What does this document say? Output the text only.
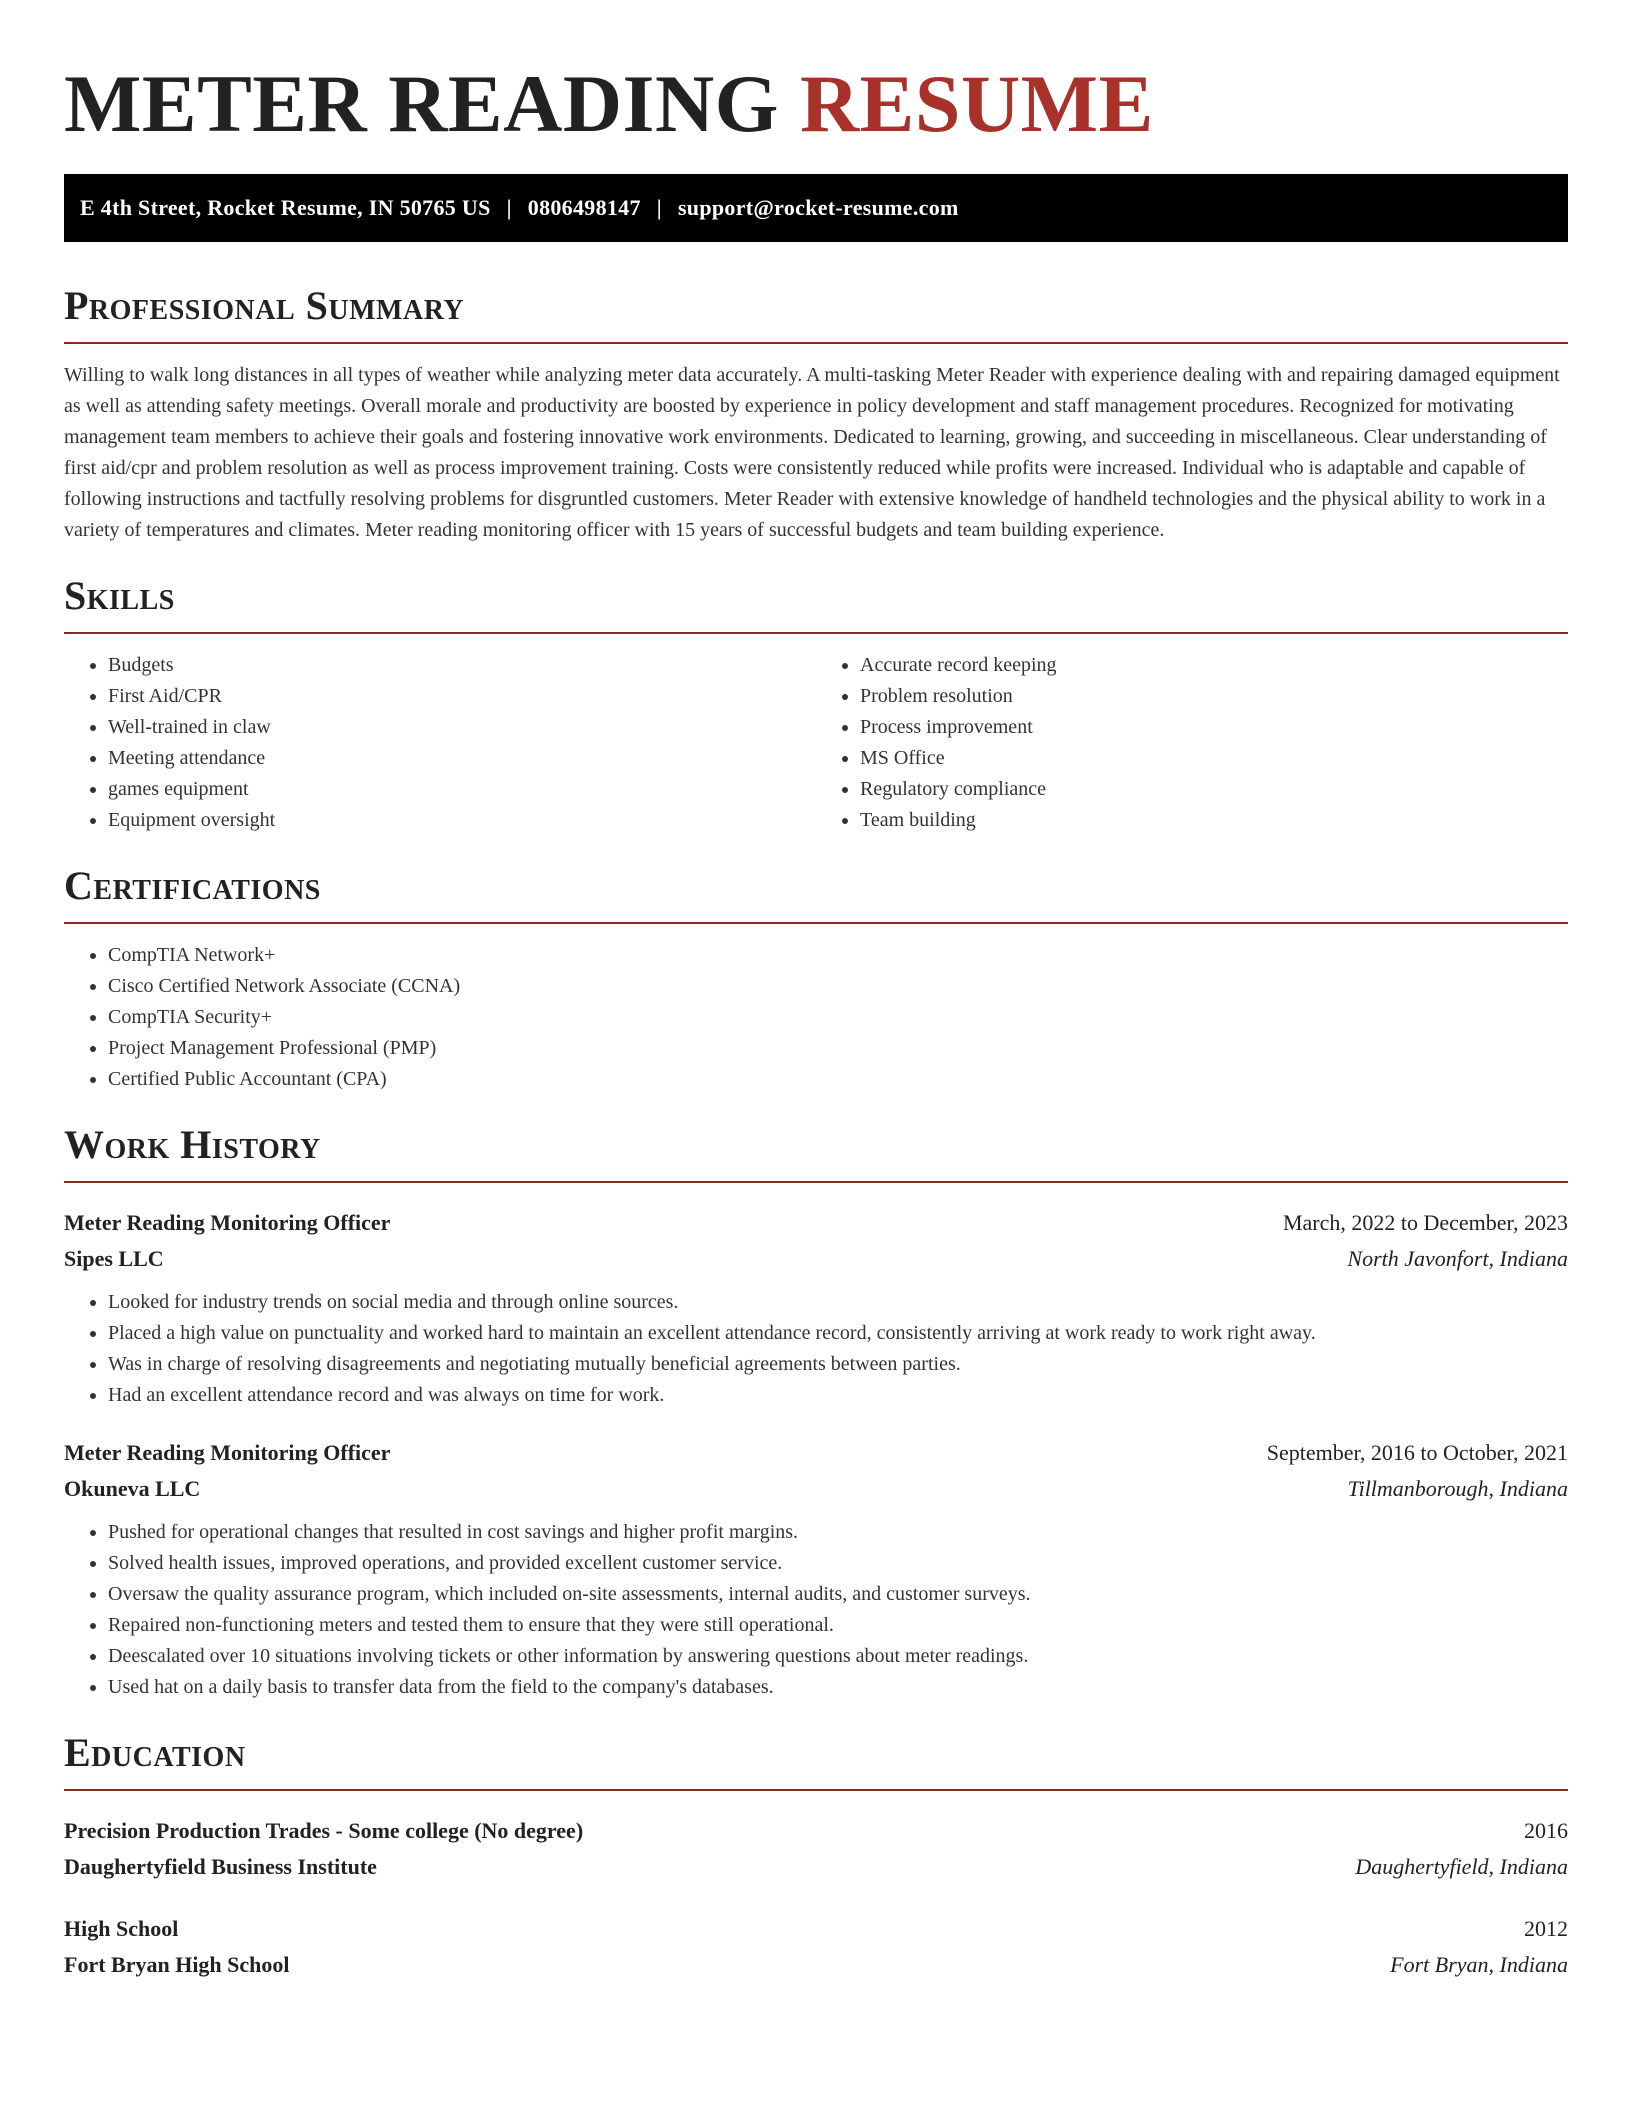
METER READING RESUME
E 4th Street, Rocket Resume, IN 50765 US | 0806498147 | support@rocket-resume.com
Professional Summary

Willing to walk long distances in all types of weather while analyzing meter data accurately. A multi-tasking Meter Reader with experience dealing with and repairing damaged equipment as well as attending safety meetings. Overall morale and productivity are boosted by experience in policy development and staff management procedures. Recognized for motivating management team members to achieve their goals and fostering innovative work environments. Dedicated to learning, growing, and succeeding in miscellaneous. Clear understanding of first aid/cpr and problem resolution as well as process improvement training. Costs were consistently reduced while profits were increased. Individual who is adaptable and capable of following instructions and tactfully resolving problems for disgruntled customers. Meter Reader with extensive knowledge of handheld technologies and the physical ability to work in a variety of temperatures and climates. Meter reading monitoring officer with 15 years of successful budgets and team building experience.

Skills
• Budgets
• First Aid/CPR
• Well-trained in claw
• Meeting attendance
• games equipment
• Equipment oversight
• Accurate record keeping
• Problem resolution
• Process improvement
• MS Office
• Regulatory compliance
• Team building
Certifications
• CompTIA Network+
• Cisco Certified Network Associate (CCNA)
• CompTIA Security+
• Project Management Professional (PMP)
• Certified Public Accountant (CPA)
Work History
Meter Reading Monitoring Officer	March, 2022 to December, 2023
Sipes LLC	North Javonfort, Indiana
• Looked for industry trends on social media and through online sources.
• Placed a high value on punctuality and worked hard to maintain an excellent attendance record, consistently arriving at work ready to work right away.
• Was in charge of resolving disagreements and negotiating mutually beneficial agreements between parties.
• Had an excellent attendance record and was always on time for work.
Meter Reading Monitoring Officer	September, 2016 to October, 2021
Okuneva LLC	Tillmanborough, Indiana
• Pushed for operational changes that resulted in cost savings and higher profit margins.
• Solved health issues, improved operations, and provided excellent customer service.
• Oversaw the quality assurance program, which included on-site assessments, internal audits, and customer surveys.
• Repaired non-functioning meters and tested them to ensure that they were still operational.
• Deescalated over 10 situations involving tickets or other information by answering questions about meter readings.
• Used hat on a daily basis to transfer data from the field to the company's databases.
Education
Precision Production Trades - Some college (No degree)	2016
Daughertyfield Business Institute	Daughertyfield, Indiana
High School	2012
Fort Bryan High School	Fort Bryan, Indiana
